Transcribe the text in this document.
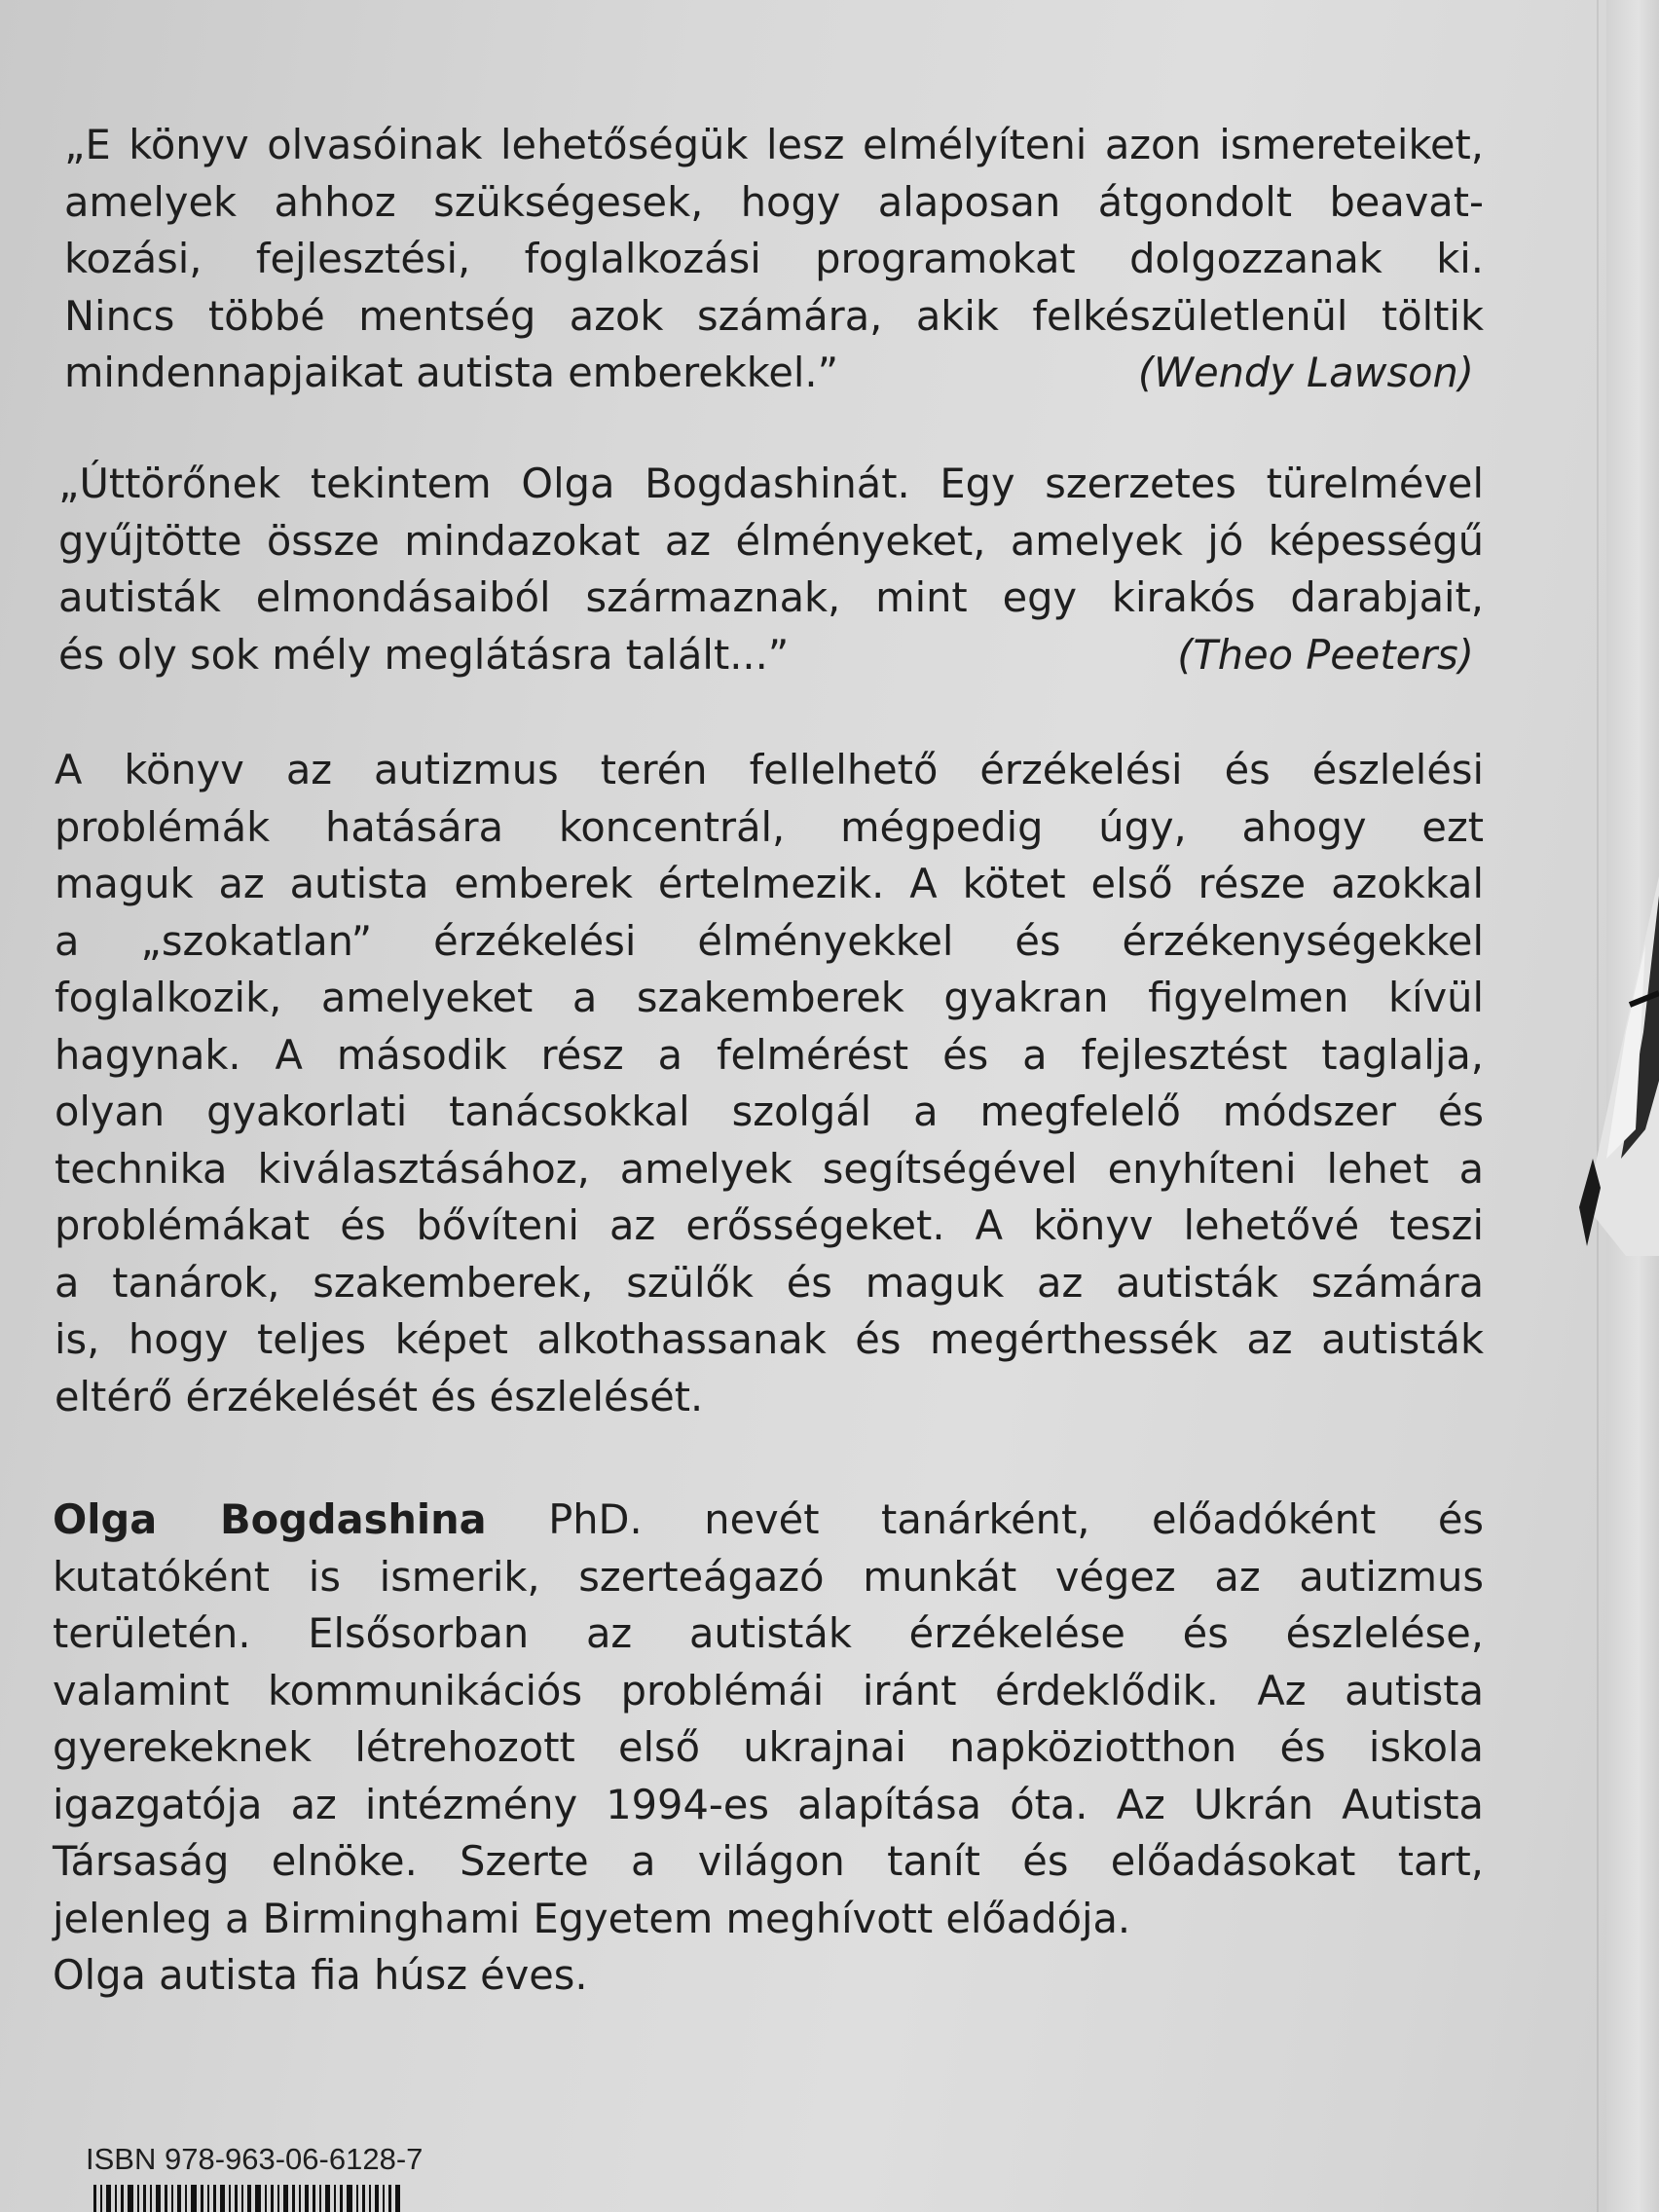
„E könyv olvasóinak lehetőségük lesz elmélyíteni azon ismereteiket,
amelyek ahhoz szükségesek, hogy alaposan átgondolt beavat-
kozási, fejlesztési, foglalkozási programokat dolgozzanak ki.
Nincs többé mentség azok számára, akik felkészületlenül töltik
mindennapjaikat autista emberekkel.”	(Wendy Lawson)
„Úttörőnek tekintem Olga Bogdashinát. Egy szerzetes türelmével
gyűjtötte össze mindazokat az élményeket, amelyek jó képességű
autisták elmondásaiból származnak, mint egy kirakós darabjait,
és oly sok mély meglátásra talált...”	(Theo Peeters)
A könyv az autizmus terén fellelhető érzékelési és észlelési
problémák hatására koncentrál, mégpedig úgy, ahogy ezt
maguk az autista emberek értelmezik. A kötet első része azokkal
a „szokatlan” érzékelési élményekkel és érzékenységekkel
foglalkozik, amelyeket a szakemberek gyakran figyelmen kívül
hagynak. A második rész a felmérést és a fejlesztést taglalja,
olyan gyakorlati tanácsokkal szolgál a megfelelő módszer és
technika kiválasztásához, amelyek segítségével enyhíteni lehet a
problémákat és bővíteni az erősségeket. A könyv lehetővé teszi
a tanárok, szakemberek, szülők és maguk az autisták számára
is, hogy teljes képet alkothassanak és megérthessék az autisták
eltérő érzékelését és észlelését.
Olga Bogdashina PhD. nevét tanárként, előadóként és
kutatóként is ismerik, szerteágazó munkát végez az autizmus
területén. Elsősorban az autisták érzékelése és észlelése,
valamint kommunikációs problémái iránt érdeklődik. Az autista
gyerekeknek létrehozott első ukrajnai napköziotthon és iskola
igazgatója az intézmény 1994-es alapítása óta. Az Ukrán Autista
Társaság elnöke. Szerte a világon tanít és előadásokat tart,
jelenleg a Birminghami Egyetem meghívott előadója.
Olga autista fia húsz éves.
ISBN 978-963-06-6128-7
